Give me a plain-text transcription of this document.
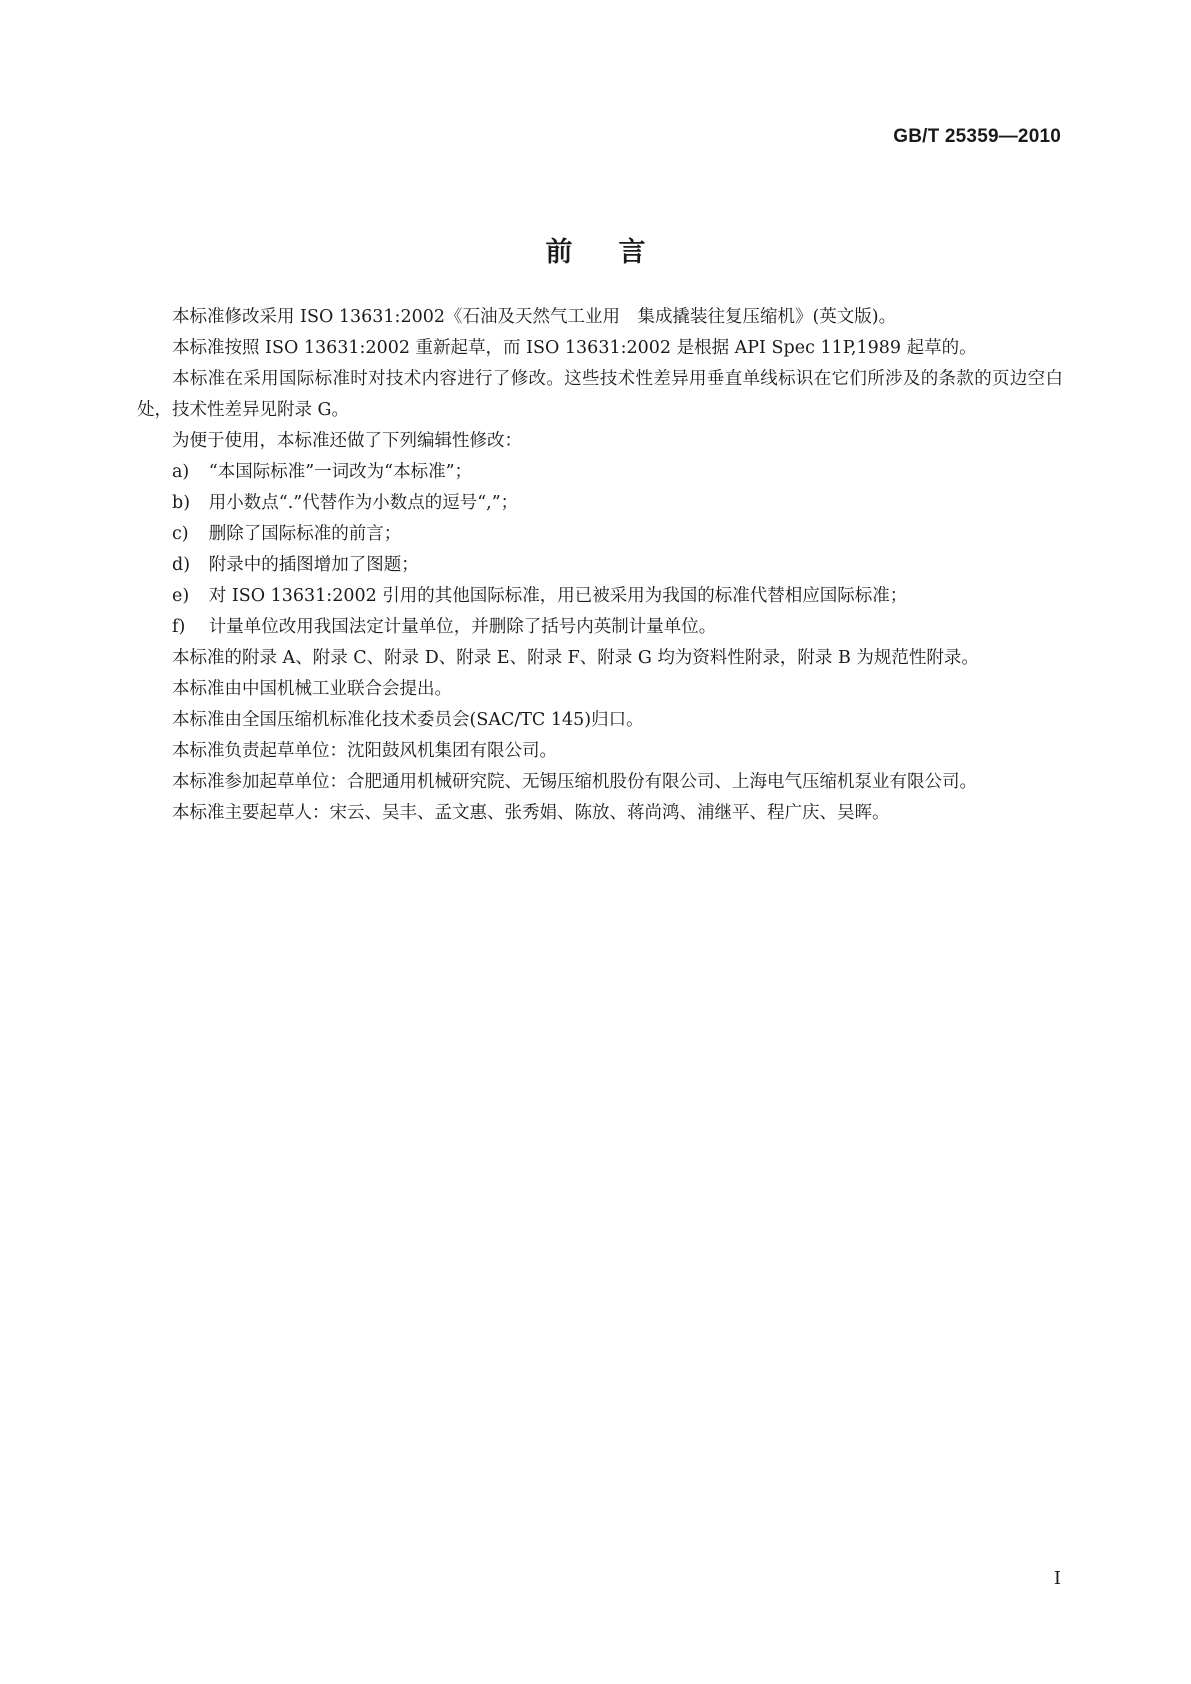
GB/T 25359—2010
前言

本标准修改采用 ISO 13631:2002《石油及天然气工业用　集成撬装往复压缩机》(英文版)。

本标准按照 ISO 13631:2002 重新起草，而 ISO 13631:2002 是根据 API Spec 11P,1989 起草的。

本标准在采用国际标准时对技术内容进行了修改。这些技术性差异用垂直单线标识在它们所涉及的条款的页边空白处，技术性差异见附录 G。

为便于使用，本标准还做了下列编辑性修改：

a) “本国际标准”一词改为“本标准”；
b) 用小数点“.”代替作为小数点的逗号“,”；
c) 删除了国际标准的前言；
d) 附录中的插图增加了图题；
e) 对 ISO 13631:2002 引用的其他国际标准，用已被采用为我国的标准代替相应国际标准；
f) 计量单位改用我国法定计量单位，并删除了括号内英制计量单位。

本标准的附录 A、附录 C、附录 D、附录 E、附录 F、附录 G 均为资料性附录，附录 B 为规范性附录。

本标准由中国机械工业联合会提出。

本标准由全国压缩机标准化技术委员会(SAC/TC 145)归口。

本标准负责起草单位：沈阳鼓风机集团有限公司。

本标准参加起草单位：合肥通用机械研究院、无锡压缩机股份有限公司、上海电气压缩机泵业有限公司。

本标准主要起草人：宋云、吴丰、孟文惠、张秀娟、陈放、蒋尚鸿、浦继平、程广庆、吴晖。

I
